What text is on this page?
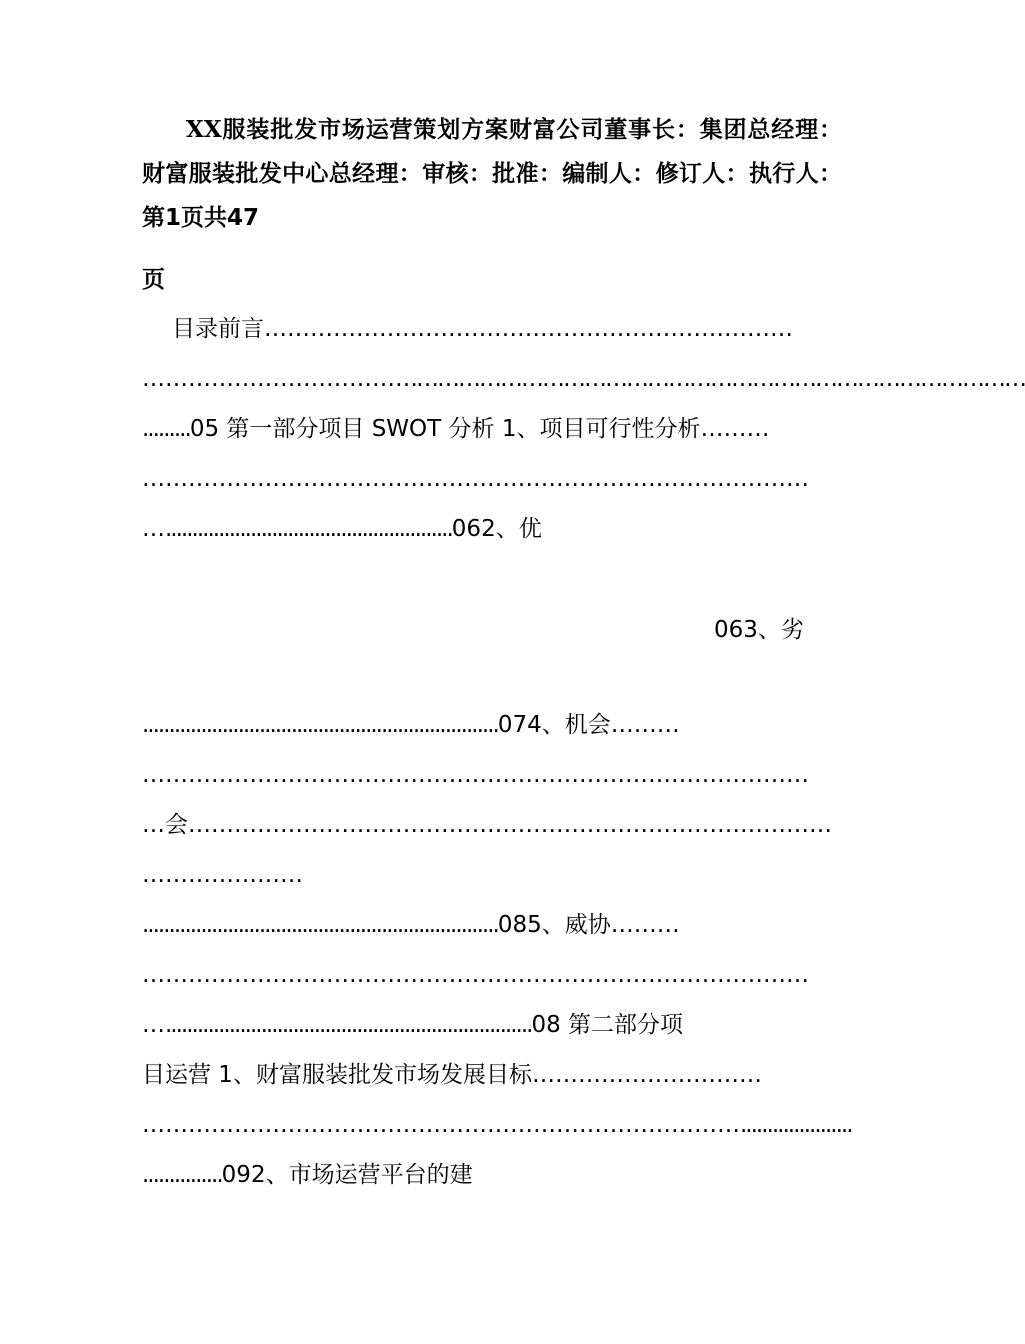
XX服装批发市场运营策划方案财富公司董事长：集团总经理：财富服装批发中心总经理：审核：批准：编制人：修订人：执行人：第1页共47
页
目录前言……………………………………………………………
……………………………………………………………………………………………………………
.........05 第一部分项目 SWOT 分析 1、项目可行性分析………
……………………………………………………………………………
…......................................................062、优
063、劣
...................................................................074、机会………
……………………………………………………………………………
…会…………………………………………………………………………
…………………
...................................................................085、威协………
……………………………………………………………………………
….....................................................................08 第二部分项
目运营 1、财富服装批发市场发展目标…………………………
…………………………………………………………………….....................
...............092、市场运营平台的建
